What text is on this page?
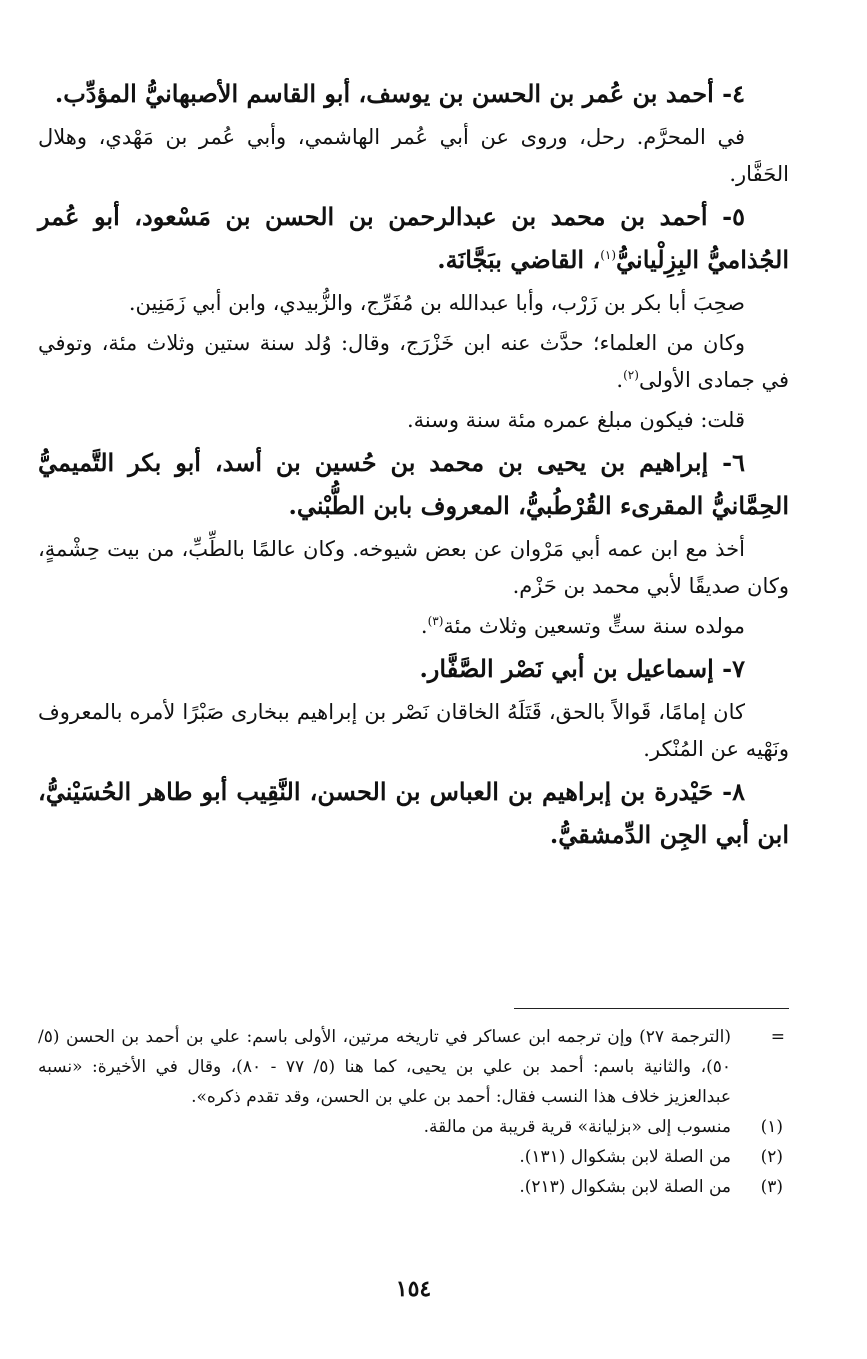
٤- أحمد بن عُمر بن الحسن بن يوسف، أبو القاسم الأصبهانيُّ المؤدِّب.

في المحرَّم. رحل، وروى عن أبي عُمر الهاشمي، وأبي عُمر بن مَهْدي، وهلال الحَفَّار.

٥- أحمد بن محمد بن عبدالرحمن بن الحسن بن مَسْعود، أبو عُمر الجُذاميُّ البِزِلْيانيُّ$^{(١)}$، القاضي ببَجَّانَة.

صحِبَ أبا بكر بن زَرْب، وأبا عبدالله بن مُفَرِّج، والزُّبيدي، وابن أبي زَمَنِين.

وكان من العلماء؛ حدَّث عنه ابن خَزْرَج، وقال: وُلد سنة ستين وثلاث مئة، وتوفي في جمادى الأولى$^{(٢)}$.

قلت: فيكون مبلغ عمره مئة سنة وسنة.

٦- إبراهيم بن يحيى بن محمد بن حُسين بن أسد، أبو بكر التَّميميُّ الحِمَّانيُّ المقرىء القُرْطُبيُّ، المعروف بابن الطُّبْني.

أخذ مع ابن عمه أبي مَرْوان عن بعض شيوخه. وكان عالمًا بالطِّبِّ، من بيت حِشْمةٍ، وكان صديقًا لأبي محمد بن حَزْم.

مولده سنة ستٍّ وتسعين وثلاث مئة$^{(٣)}$.

٧- إسماعيل بن أبي نَصْر الصَّفَّار.

كان إمامًا، قَوالاً بالحق، قَتَلَهُ الخاقان نَصْر بن إبراهيم ببخارى صَبْرًا لأمره بالمعروف ونَهْيه عن المُنْكر.

٨- حَيْدرة بن إبراهيم بن العباس بن الحسن، النَّقِيب أبو طاهر الحُسَيْنيُّ، ابن أبي الجِن الدِّمشقيُّ.

=
(الترجمة ٢٧) وإن ترجمه ابن عساكر في تاريخه مرتين، الأولى باسم: علي بن أحمد بن الحسن (٥/ ٥٠)، والثانية باسم: أحمد بن علي بن يحيى، كما هنا (٥/ ٧٧ - ٨٠)، وقال في الأخيرة: «نسبه عبدالعزيز خلاف هذا النسب فقال: أحمد بن علي بن الحسن، وقد تقدم ذكره».

(١)
منسوب إلى «بزليانة» قرية قريبة من مالقة.

(٢)
من الصلة لابن بشكوال (١٣١).

(٣)
من الصلة لابن بشكوال (٢١٣).

١٥٤
